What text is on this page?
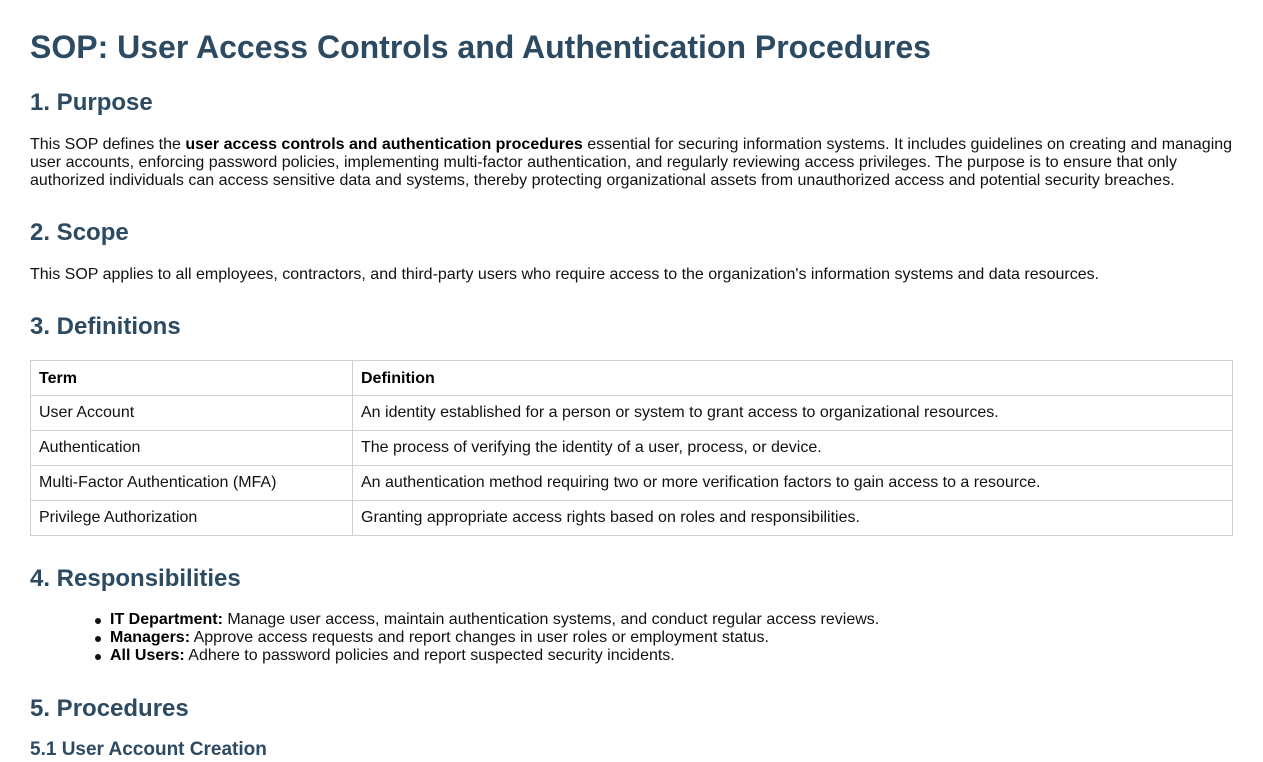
SOP: User Access Controls and Authentication Procedures
1. Purpose

This SOP defines the user access controls and authentication procedures essential for securing information systems. It includes guidelines on creating and managing user accounts, enforcing password policies, implementing multi-factor authentication, and regularly reviewing access privileges. The purpose is to ensure that only authorized individuals can access sensitive data and systems, thereby protecting organizational assets from unauthorized access and potential security breaches.

2. Scope

This SOP applies to all employees, contractors, and third-party users who require access to the organization's information systems and data resources.

3. Definitions
Term	Definition
User Account	An identity established for a person or system to grant access to organizational resources.
Authentication	The process of verifying the identity of a user, process, or device.
Multi-Factor Authentication (MFA)	An authentication method requiring two or more verification factors to gain access to a resource.
Privilege Authorization	Granting appropriate access rights based on roles and responsibilities.
4. Responsibilities
IT Department: Manage user access, maintain authentication systems, and conduct regular access reviews.
Managers: Approve access requests and report changes in user roles or employment status.
All Users: Adhere to password policies and report suspected security incidents.
5. Procedures
5.1 User Account Creation
